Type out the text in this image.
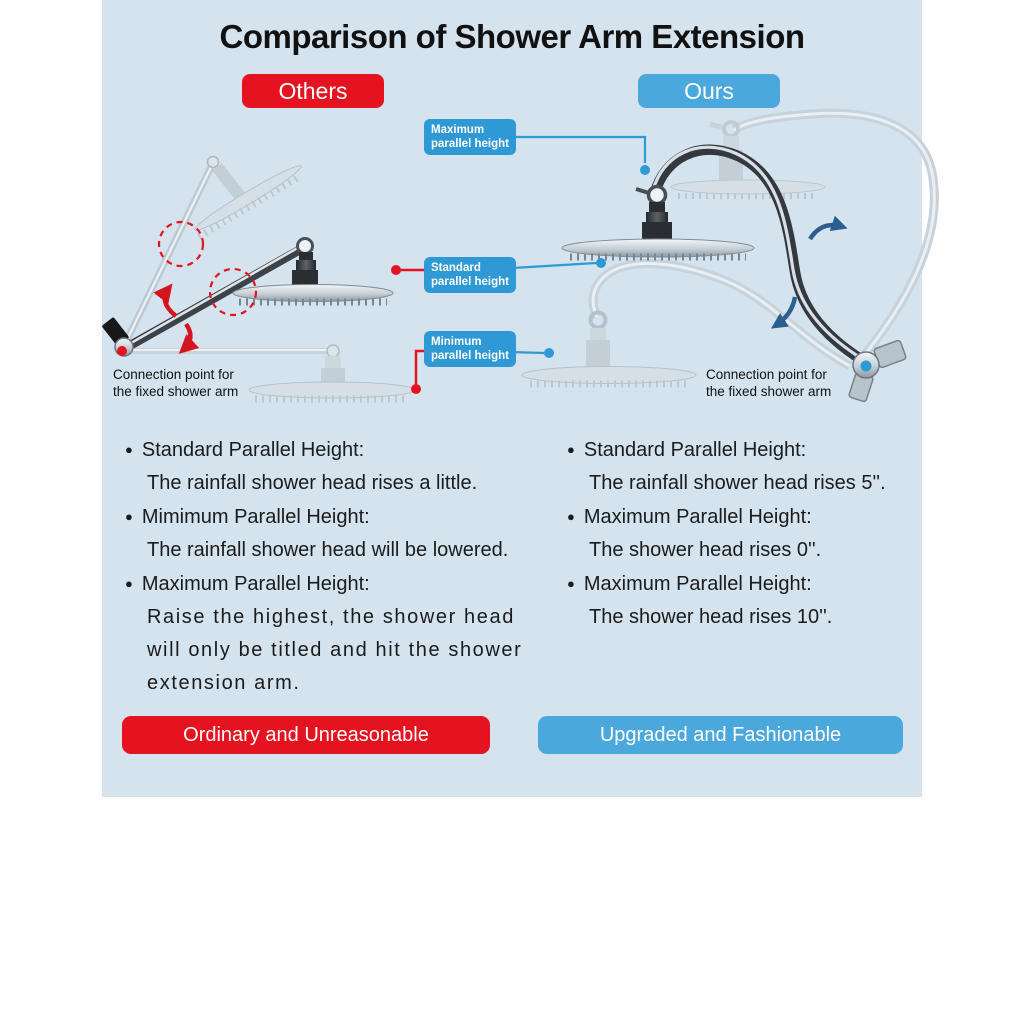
Comparison of Shower Arm Extension
Others	Ours
Maximum
parallel height
Standard
parallel height
Minimum
parallel height
Connection point for
the fixed shower arm
Connection point for
the fixed shower arm
● Standard Parallel Height:
The rainfall shower head rises a little.
● Mimimum Parallel Height:
The rainfall shower head will be lowered.
● Maximum Parallel Height:
Raise the highest, the shower head
will only be titled and hit the shower
extension arm.
● Standard Parallel Height:
The rainfall shower head rises 5''.
● Maximum Parallel Height:
The shower head rises 0''.
● Maximum Parallel Height:
The shower head rises 10''.
Ordinary and Unreasonable	Upgraded and Fashionable
